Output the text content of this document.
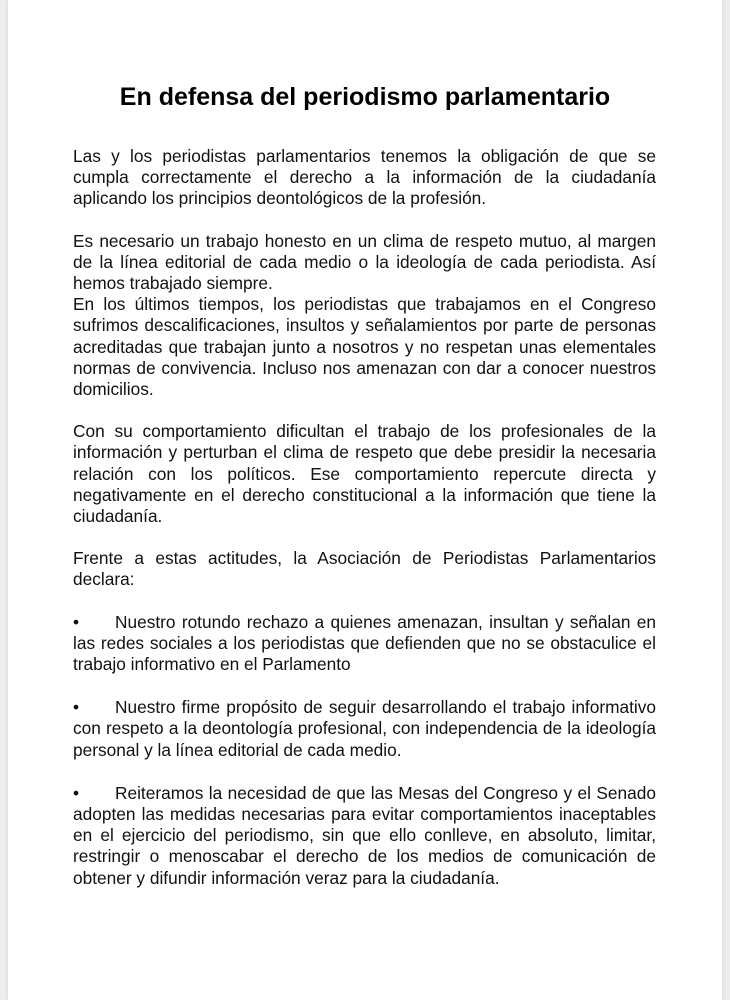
En defensa del periodismo parlamentario

Las y los periodistas parlamentarios tenemos la obligación de que se cumpla correctamente el derecho a la información de la ciudadanía aplicando los principios deontológicos de la profesión.

Es necesario un trabajo honesto en un clima de respeto mutuo, al margen de la línea editorial de cada medio o la ideología de cada periodista. Así hemos trabajado siempre.

En los últimos tiempos, los periodistas que trabajamos en el Congreso sufrimos descalificaciones, insultos y señalamientos por parte de personas acreditadas que trabajan junto a nosotros y no respetan unas elementales normas de convivencia. Incluso nos amenazan con dar a conocer nuestros domicilios.

Con su comportamiento dificultan el trabajo de los profesionales de la información y perturban el clima de respeto que debe presidir la necesaria relación con los políticos. Ese comportamiento repercute directa y negativamente en el derecho constitucional a la información que tiene la ciudadanía.

Frente a estas actitudes, la Asociación de Periodistas Parlamentarios declara:

• Nuestro rotundo rechazo a quienes amenazan, insultan y señalan en las redes sociales a los periodistas que defienden que no se obstaculice el trabajo informativo en el Parlamento

• Nuestro firme propósito de seguir desarrollando el trabajo informativo con respeto a la deontología profesional, con independencia de la ideología personal y la línea editorial de cada medio.

• Reiteramos la necesidad de que las Mesas del Congreso y el Senado adopten las medidas necesarias para evitar comportamientos inaceptables en el ejercicio del periodismo, sin que ello conlleve, en absoluto, limitar, restringir o menoscabar el derecho de los medios de comunicación de obtener y difundir información veraz para la ciudadanía.
